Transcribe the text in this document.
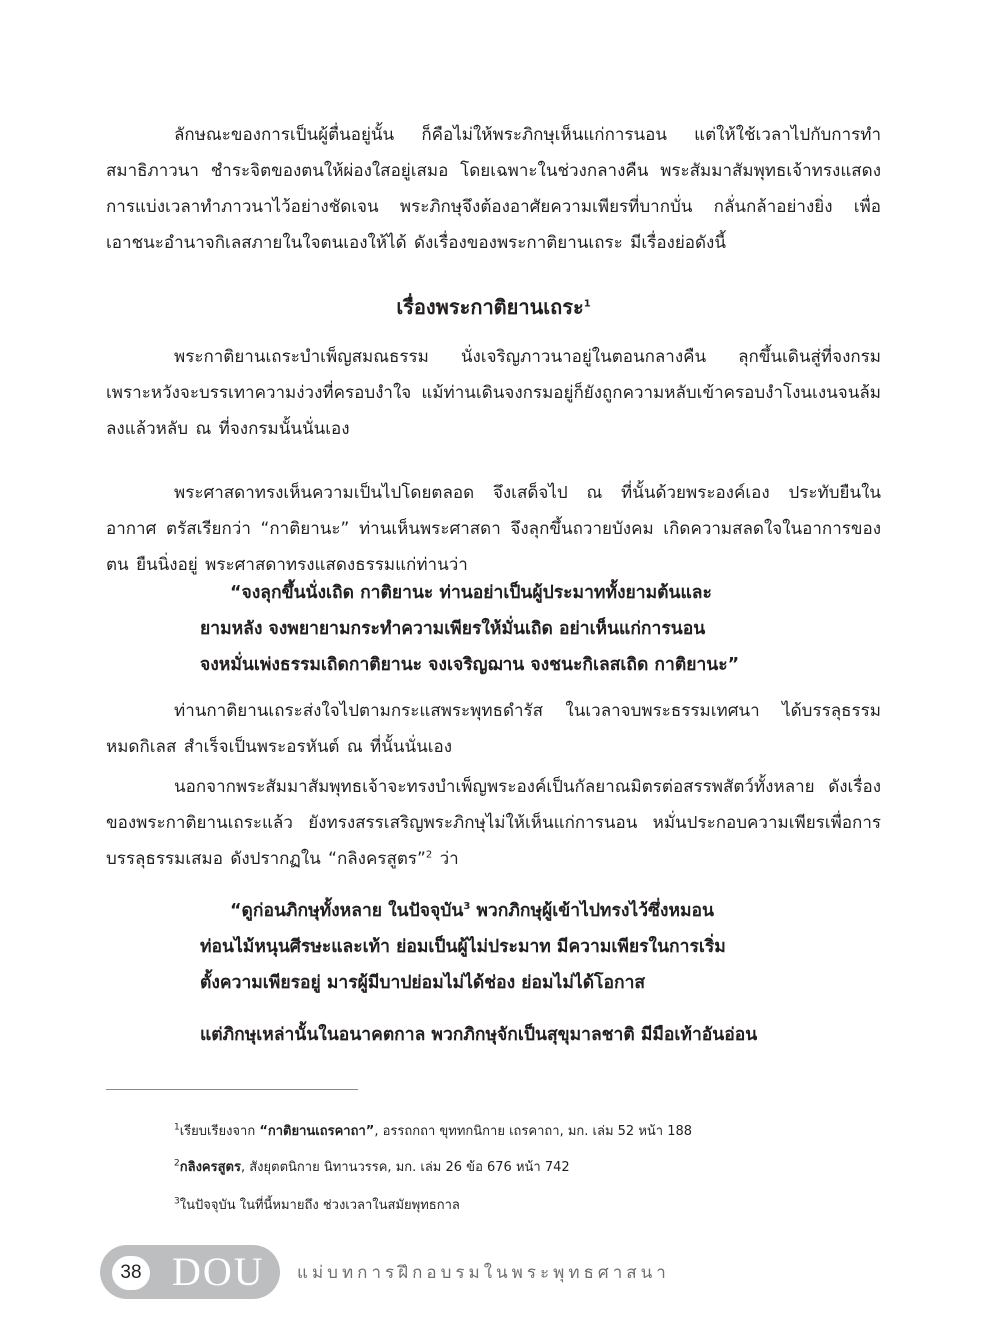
ลักษณะของการเป็นผู้ตื่นอยู่นั้น ก็คือไม่ให้พระภิกษุเห็นแก่การนอน แต่ให้ใช้เวลาไปกับการทำสมาธิภาวนา ชำระจิตของตนให้ผ่องใสอยู่เสมอ โดยเฉพาะในช่วงกลางคืน พระสัมมาสัมพุทธเจ้าทรงแสดงการแบ่งเวลาทำภาวนาไว้อย่างชัดเจน พระภิกษุจึงต้องอาศัยความเพียรที่บากบั่น กลั่นกล้าอย่างยิ่ง เพื่อเอาชนะอำนาจกิเลสภายในใจตนเองให้ได้ ดังเรื่องของพระกาติยานเถระ มีเรื่องย่อดังนี้

เรื่องพระกาติยานเถระ$^1$

พระกาติยานเถระบำเพ็ญสมณธรรม นั่งเจริญภาวนาอยู่ในตอนกลางคืน ลุกขึ้นเดินสู่ที่จงกรม เพราะหวังจะบรรเทาความง่วงที่ครอบงำใจ แม้ท่านเดินจงกรมอยู่ก็ยังถูกความหลับเข้าครอบงำโงนเงนจนล้มลงแล้วหลับ ณ ที่จงกรมนั้นนั่นเอง

พระศาสดาทรงเห็นความเป็นไปโดยตลอด จึงเสด็จไป ณ ที่นั้นด้วยพระองค์เอง ประทับยืนในอากาศ ตรัสเรียกว่า “กาติยานะ” ท่านเห็นพระศาสดา จึงลุกขึ้นถวายบังคม เกิดความสลดใจในอาการของตน ยืนนิ่งอยู่ พระศาสดาทรงแสดงธรรมแก่ท่านว่า

“จงลุกขึ้นนั่งเถิด กาติยานะ ท่านอย่าเป็นผู้ประมาททั้งยามต้นและ
ยามหลัง จงพยายามกระทำความเพียรให้มั่นเถิด อย่าเห็นแก่การนอน
จงหมั่นเพ่งธรรมเถิดกาติยานะ จงเจริญฌาน จงชนะกิเลสเถิด กาติยานะ”

ท่านกาติยานเถระส่งใจไปตามกระแสพระพุทธดำรัส ในเวลาจบพระธรรมเทศนา ได้บรรลุธรรมหมดกิเลส สำเร็จเป็นพระอรหันต์ ณ ที่นั้นนั่นเอง

นอกจากพระสัมมาสัมพุทธเจ้าจะทรงบำเพ็ญพระองค์เป็นกัลยาณมิตรต่อสรรพสัตว์ทั้งหลาย ดังเรื่องของพระกาติยานเถระแล้ว ยังทรงสรรเสริญพระภิกษุไม่ให้เห็นแก่การนอน หมั่นประกอบความเพียรเพื่อการบรรลุธรรมเสมอ ดังปรากฏใน “กลิงครสูตร”$^2$ ว่า

“ดูก่อนภิกษุทั้งหลาย ในปัจจุบัน$^3$ พวกภิกษุผู้เข้าไปทรงไว้ซึ่งหมอน
ท่อนไม้หนุนศีรษะและเท้า ย่อมเป็นผู้ไม่ประมาท มีความเพียรในการเริ่ม
ตั้งความเพียรอยู่ มารผู้มีบาปย่อมไม่ได้ช่อง ย่อมไม่ได้โอกาส
แต่ภิกษุเหล่านั้นในอนาคตกาล พวกภิกษุจักเป็นสุขุมาลชาติ มีมือเท้าอันอ่อน

$^1$เรียบเรียงจาก “กาติยานเถรคาถา”, อรรถกถา ขุททกนิกาย เถรคาถา, มก. เล่ม 52 หน้า 188

$^2$กลิงครสูตร, สังยุตตนิกาย นิทานวรรค, มก. เล่ม 26 ข้อ 676 หน้า 742

$^3$ในปัจจุบัน ในที่นี้หมายถึง ช่วงเวลาในสมัยพุทธกาล

38 DOU แม่บทการฝึกอบรมในพระพุทธศาสนา
